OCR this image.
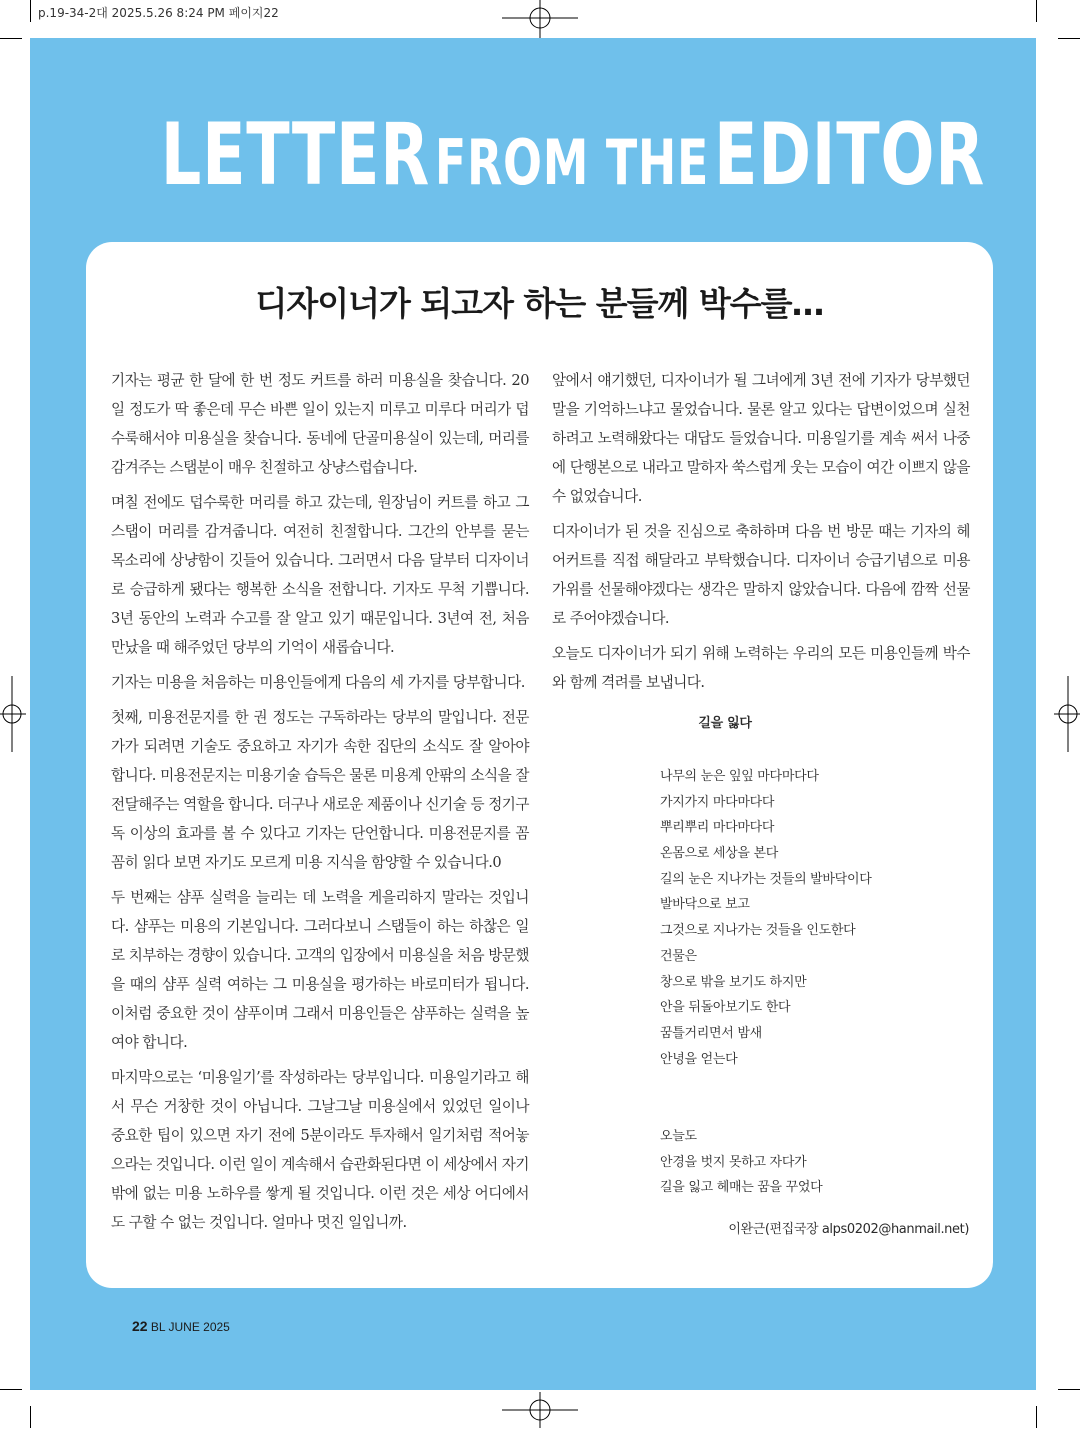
p.19-34-2대 2025.5.26 8:24 PM 페이지22
LETTER FROM THE EDITOR
디자이너가 되고자 하는 분들께 박수를…

기자는 평균 한 달에 한 번 정도 커트를 하러 미용실을 찾습니다. 20일 정도가 딱 좋은데 무슨 바쁜 일이 있는지 미루고 미루다 머리가 덥수룩해서야 미용실을 찾습니다. 동네에 단골미용실이 있는데, 머리를 감겨주는 스탭분이 매우 친절하고 상냥스럽습니다.

며칠 전에도 덥수룩한 머리를 하고 갔는데, 원장님이 커트를 하고 그 스탭이 머리를 감겨줍니다. 여전히 친절합니다. 그간의 안부를 묻는 목소리에 상냥함이 깃들어 있습니다. 그러면서 다음 달부터 디자이너로 승급하게 됐다는 행복한 소식을 전합니다. 기자도 무척 기쁩니다. 3년 동안의 노력과 수고를 잘 알고 있기 때문입니다. 3년여 전, 처음 만났을 때 해주었던 당부의 기억이 새롭습니다.

기자는 미용을 처음하는 미용인들에게 다음의 세 가지를 당부합니다.

첫째, 미용전문지를 한 권 정도는 구독하라는 당부의 말입니다. 전문가가 되려면 기술도 중요하고 자기가 속한 집단의 소식도 잘 알아야 합니다. 미용전문지는 미용기술 습득은 물론 미용계 안팎의 소식을 잘 전달해주는 역할을 합니다. 더구나 새로운 제품이나 신기술 등 정기구독 이상의 효과를 볼 수 있다고 기자는 단언합니다. 미용전문지를 꼼꼼히 읽다 보면 자기도 모르게 미용 지식을 함양할 수 있습니다.0

두 번째는 샴푸 실력을 늘리는 데 노력을 게을리하지 말라는 것입니다. 샴푸는 미용의 기본입니다. 그러다보니 스탭들이 하는 하찮은 일로 치부하는 경향이 있습니다. 고객의 입장에서 미용실을 처음 방문했을 때의 샴푸 실력 여하는 그 미용실을 평가하는 바로미터가 됩니다. 이처럼 중요한 것이 샴푸이며 그래서 미용인들은 샴푸하는 실력을 높여야 합니다.

마지막으로는 ‘미용일기’를 작성하라는 당부입니다. 미용일기라고 해서 무슨 거창한 것이 아닙니다. 그날그날 미용실에서 있었던 일이나 중요한 팁이 있으면 자기 전에 5분이라도 투자해서 일기처럼 적어놓으라는 것입니다. 이런 일이 계속해서 습관화된다면 이 세상에서 자기밖에 없는 미용 노하우를 쌓게 될 것입니다. 이런 것은 세상 어디에서도 구할 수 없는 것입니다. 얼마나 멋진 일입니까.

앞에서 얘기했던, 디자이너가 될 그녀에게 3년 전에 기자가 당부했던 말을 기억하느냐고 물었습니다. 물론 알고 있다는 답변이었으며 실천하려고 노력해왔다는 대답도 들었습니다. 미용일기를 계속 써서 나중에 단행본으로 내라고 말하자 쑥스럽게 웃는 모습이 여간 이쁘지 않을 수 없었습니다.

디자이너가 된 것을 진심으로 축하하며 다음 번 방문 때는 기자의 헤어커트를 직접 해달라고 부탁했습니다. 디자이너 승급기념으로 미용가위를 선물해야겠다는 생각은 말하지 않았습니다. 다음에 깜짝 선물로 주어야겠습니다.

오늘도 디자이너가 되기 위해 노력하는 우리의 모든 미용인들께 박수와 함께 격려를 보냅니다.

길을 잃다
나무의 눈은 잎잎 마다마다다
가지가지 마다마다다
뿌리뿌리 마다마다다
온몸으로 세상을 본다
길의 눈은 지나가는 것들의 발바닥이다
발바닥으로 보고
그것으로 지나가는 것들을 인도한다
건물은
창으로 밖을 보기도 하지만
안을 뒤돌아보기도 한다
꿈틀거리면서 밤새
안녕을 얻는다
오늘도
안경을 벗지 못하고 자다가
길을 잃고 헤매는 꿈을 꾸었다
이완근(편집국장 alps0202@hanmail.net)
22 BL JUNE 2025
